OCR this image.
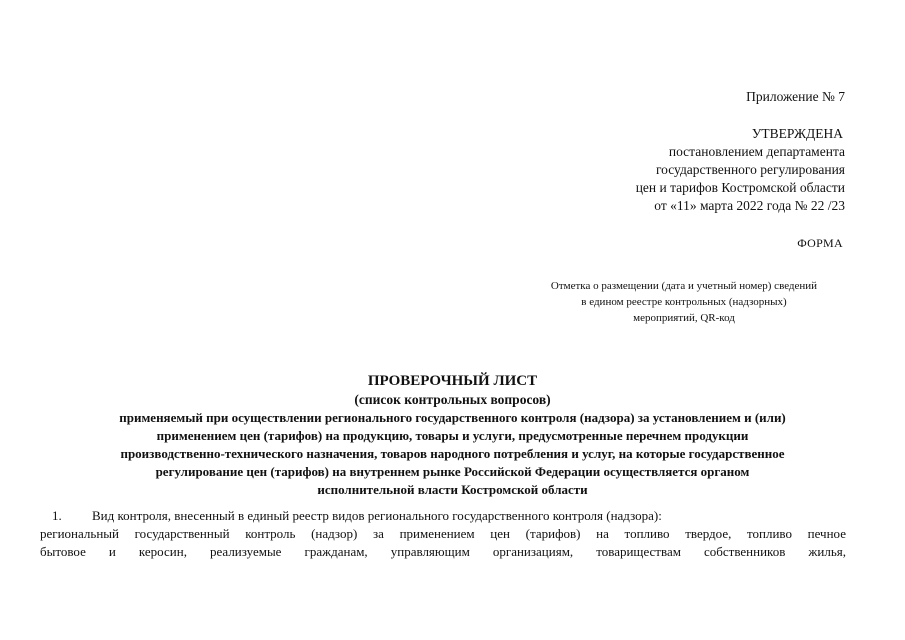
Приложение № 7
УТВЕРЖДЕНА
постановлением департамента
государственного регулирования
цен и тарифов Костромской области
от «11» марта 2022 года № 22 /23
ФОРМА
Отметка о размещении (дата и учетный номер) сведений
в едином реестре контрольных (надзорных)
мероприятий, QR-код
ПРОВЕРОЧНЫЙ ЛИСТ
(список контрольных вопросов)
применяемый при осуществлении регионального государственного контроля (надзора) за установлением и (или)
применением цен (тарифов) на продукцию, товары и услуги, предусмотренные перечнем продукции
производственно-технического назначения, товаров народного потребления и услуг, на которые государственное
регулирование цен (тарифов) на внутреннем рынке Российской Федерации осуществляется органом
исполнительной власти Костромской области
1. Вид контроля, внесенный в единый реестр видов регионального государственного контроля (надзора):
региональный государственный контроль (надзор) за применением цен (тарифов) на топливо твердое, топливо печное
бытовое и керосин, реализуемые гражданам, управляющим организациям, товариществам собственников жилья,
